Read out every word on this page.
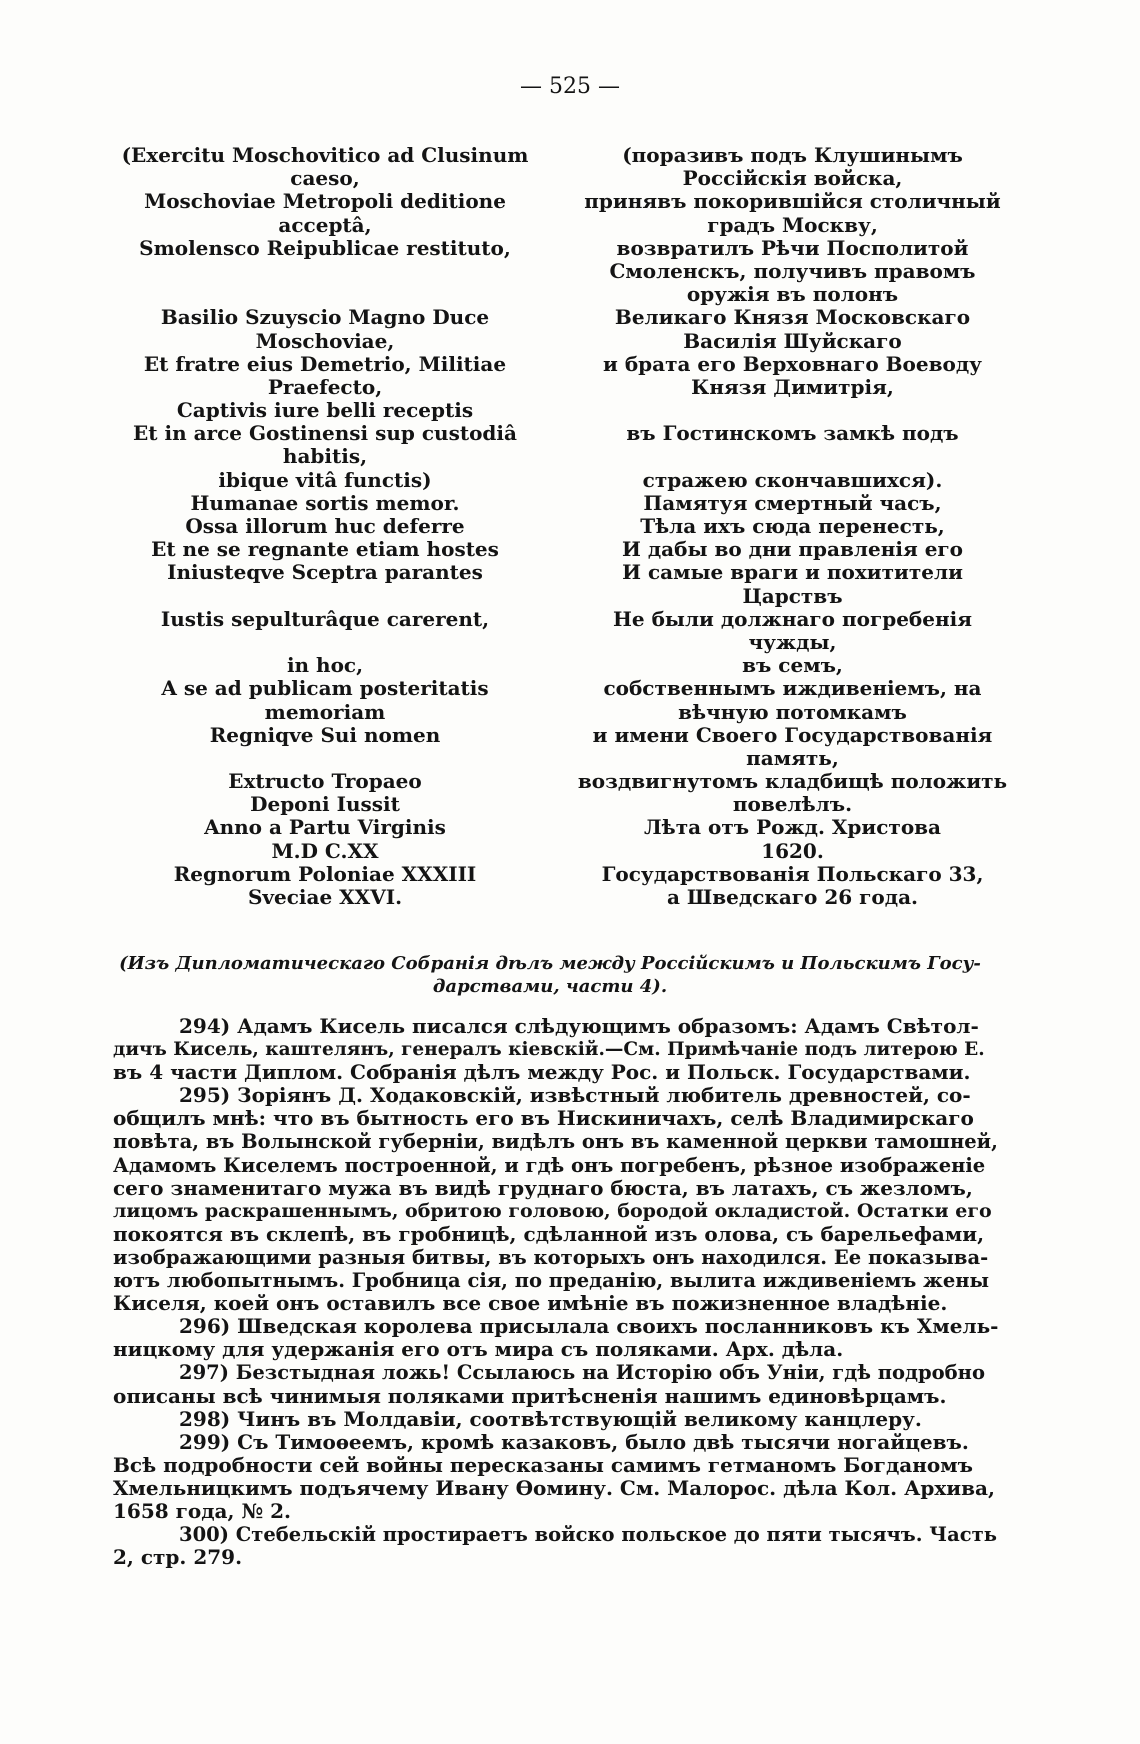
— 525 —
(Exercitu Moschovitico ad Clusinum
caeso,
Moschoviae Metropoli deditione
acceptâ,
Smolensco Reipublicae restituto,
Basilio Szuyscio Magno Duce
Moschoviae,
Et fratre eius Demetrio, Militiae
Praefecto,
Captivis iure belli receptis
Et in arce Gostinensi sup custodiâ
habitis,
ibique vitâ functis)
Humanae sortis memor.
Ossa illorum huc deferre
Et ne se regnante etiam hostes
Iniusteqve Sceptra parantes
Iustis sepulturâque carerent,
in hoc,
A se ad publicam posteritatis
memoriam
Regniqve Sui nomen
Extructo Tropaeo
Deponi Iussit
Anno a Partu Virginis
M.D C.XX
Regnorum Poloniae XXXIII
Sveciae XXVI.
(поразивъ подъ Клушинымъ
Россійскія войска,
принявъ покорившійся столичный
градъ Москву,
возвратилъ Рѣчи Посполитой
Смоленскъ, получивъ правомъ
оружія въ полонъ
Великаго Князя Московскаго
Василія Шуйскаго
и брата его Верховнаго Воеводу
Князя Димитрія,
въ Гостинскомъ замкѣ подъ
стражею скончавшихся).
Памятуя смертный часъ,
Тѣла ихъ сюда перенесть,
И дабы во дни правленія его
И самые враги и похитители
Царствъ
Не были должнаго погребенія
чужды,
въ семъ,
собственнымъ иждивеніемъ, на
вѣчную потомкамъ
и имени Своего Государствованія
память,
воздвигнутомъ кладбищѣ положить
повелѣлъ.
Лѣта отъ Рожд. Христова
1620.
Государствованія Польскаго 33,
а Шведскаго 26 года.
(Изъ Дипломатическаго Собранія дѣлъ между Россійскимъ и Польскимъ Госу-
дарствами, части 4).
294) Адамъ Кисель писался слѣдующимъ образомъ: Адамъ Свѣтол-
дичъ Кисель, каштелянъ, генералъ кіевскій.—См. Примѣчаніе подъ литерою Е.
въ 4 части Диплом. Собранія дѣлъ между Рос. и Польск. Государствами.
295) Зоріянъ Д. Ходаковскій, извѣстный любитель древностей, со-
общилъ мнѣ: что въ бытность его въ Нискиничахъ, селѣ Владимирскаго
повѣта, въ Волынской губерніи, видѣлъ онъ въ каменной церкви тамошней,
Адамомъ Киселемъ построенной, и гдѣ онъ погребенъ, рѣзное изображеніе
сего знаменитаго мужа въ видѣ груднаго бюста, въ латахъ, съ жезломъ,
лицомъ раскрашеннымъ, обритою головою, бородой окладистой. Остатки его
покоятся въ склепѣ, въ гробницѣ, сдѣланной изъ олова, съ барельефами,
изображающими разныя битвы, въ которыхъ онъ находился. Ее показыва-
ютъ любопытнымъ. Гробница сія, по преданію, вылита иждивеніемъ жены
Киселя, коей онъ оставилъ все свое имѣніе въ пожизненное владѣніе.
296) Шведская королева присылала своихъ посланниковъ къ Хмель-
ницкому для удержанія его отъ мира съ поляками. Арх. дѣла.
297) Безстыдная ложь! Ссылаюсь на Исторію объ Уніи, гдѣ подробно
описаны всѣ чинимыя поляками притѣсненія нашимъ единовѣрцамъ.
298) Чинъ въ Молдавіи, соотвѣтствующій великому канцлеру.
299) Съ Тимоѳеемъ, кромѣ казаковъ, было двѣ тысячи ногайцевъ.
Всѣ подробности сей войны пересказаны самимъ гетманомъ Богданомъ
Хмельницкимъ подъячему Ивану Ѳомину. См. Малорос. дѣла Кол. Архива,
1658 года, № 2.
300) Стебельскій простираетъ войско польское до пяти тысячъ. Часть
2, стр. 279.
